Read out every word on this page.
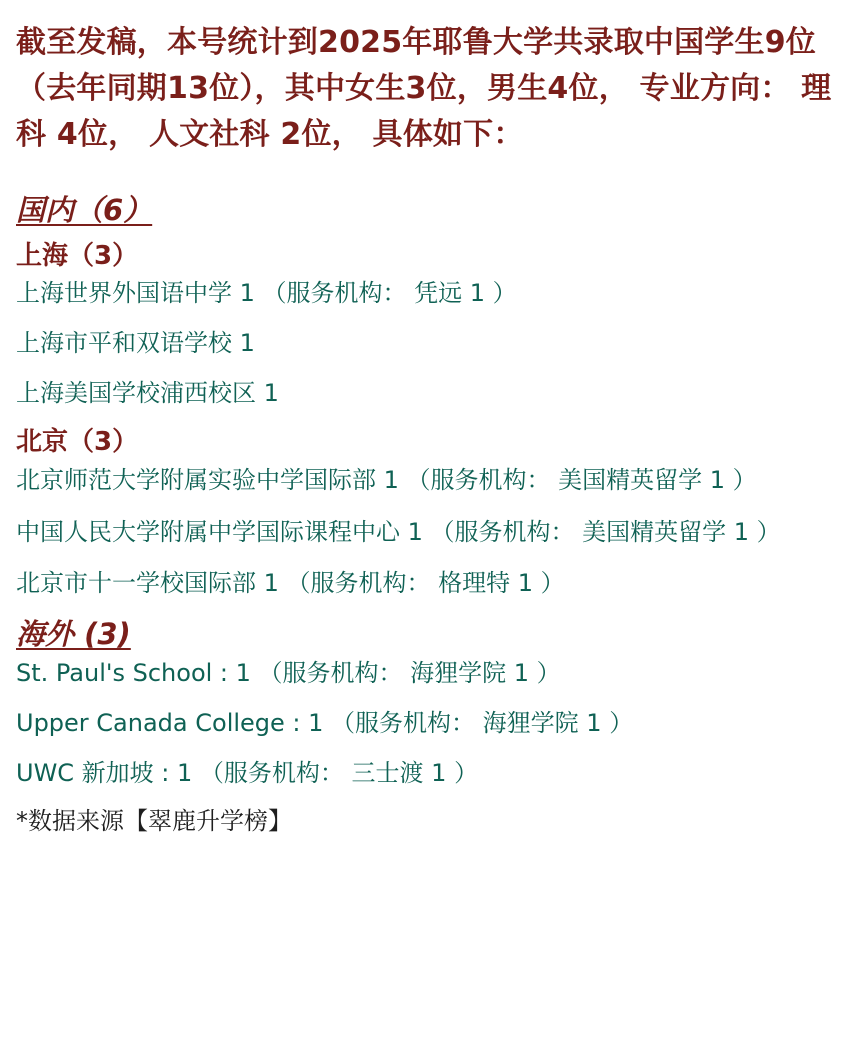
截至发稿，本号统计到2025年耶鲁大学共录取中国学生9位 （去年同期13位），其中女生3位，男生4位， 专业方向： 理科 4位， 人文社科 2位， 具体如下：

国内（6）

上海（3）

上海世界外国语中学 1 （服务机构： 凭远 1 ）

上海市平和双语学校 1

上海美国学校浦西校区 1

北京（3）

北京师范大学附属实验中学国际部 1 （服务机构： 美国精英留学 1 ）

中国人民大学附属中学国际课程中心 1 （服务机构： 美国精英留学 1 ）

北京市十一学校国际部 1 （服务机构： 格理特 1 ）

海外 (3)

St. Paul's School : 1 （服务机构： 海狸学院 1 ）

Upper Canada College : 1 （服务机构： 海狸学院 1 ）

UWC 新加坡 : 1 （服务机构： 三士渡 1 ）

*数据来源【翠鹿升学榜】
